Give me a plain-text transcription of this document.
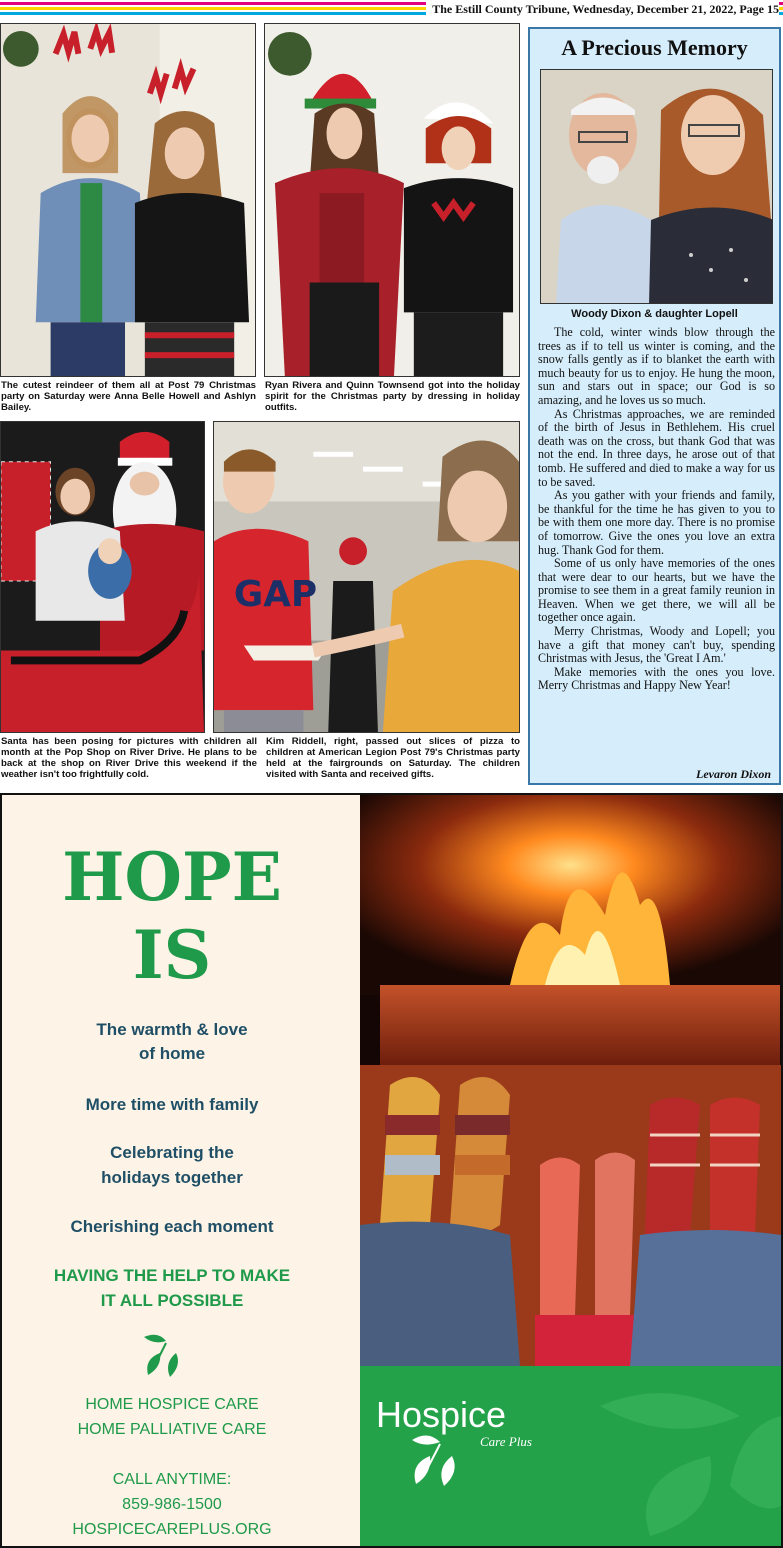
The Estill County Tribune, Wednesday, December 21, 2022, Page 15
The cutest reindeer of them all at Post 79 Christmas party on Saturday were Anna Belle Howell and Ashlyn Bailey.
Ryan Rivera and Quinn Townsend got into the holiday spirit for the Christmas party by dressing in holiday outfits.
Santa has been posing for pictures with children all month at the Pop Shop on River Drive. He plans to be back at the shop on River Drive this weekend if the weather isn't too frightfully cold.
GAP
Kim Riddell, right, passed out slices of pizza to children at American Legion Post 79's Christmas party held at the fairgrounds on Saturday. The children visited with Santa and received gifts.
A Precious Memory
Woody Dixon & daughter Lopell

The cold, winter winds blow through the trees as if to tell us winter is coming, and the snow falls gently as if to blanket the earth with much beauty for us to enjoy. He hung the moon, sun and stars out in space; our God is so amazing, and he loves us so much.

As Christmas approaches, we are reminded of the birth of Jesus in Bethlehem. His cruel death was on the cross, but thank God that was not the end. In three days, he arose out of that tomb. He suffered and died to make a way for us to be saved.

As you gather with your friends and family, be thankful for the time he has given to you to be with them one more day. There is no promise of tomorrow. Give the ones you love an extra hug. Thank God for them.

Some of us only have memories of the ones that were dear to our hearts, but we have the promise to see them in a great family reunion in Heaven. When we get there, we will all be together once again.

Merry Christmas, Woody and Lopell; you have a gift that money can't buy, spending Christmas with Jesus, the 'Great I Am.'

Make memories with the ones you love. Merry Christmas and Happy New Year!

Levaron Dixon
HOPE
IS
The warmth & love
of home
More time with family
Celebrating the
holidays together
Cherishing each moment
HAVING THE HELP TO MAKE
IT ALL POSSIBLE
HOME HOSPICE CARE
HOME PALLIATIVE CARE
CALL ANYTIME:
859-986-1500
HOSPICECAREPLUS.ORG
Hospice
Care Plus
